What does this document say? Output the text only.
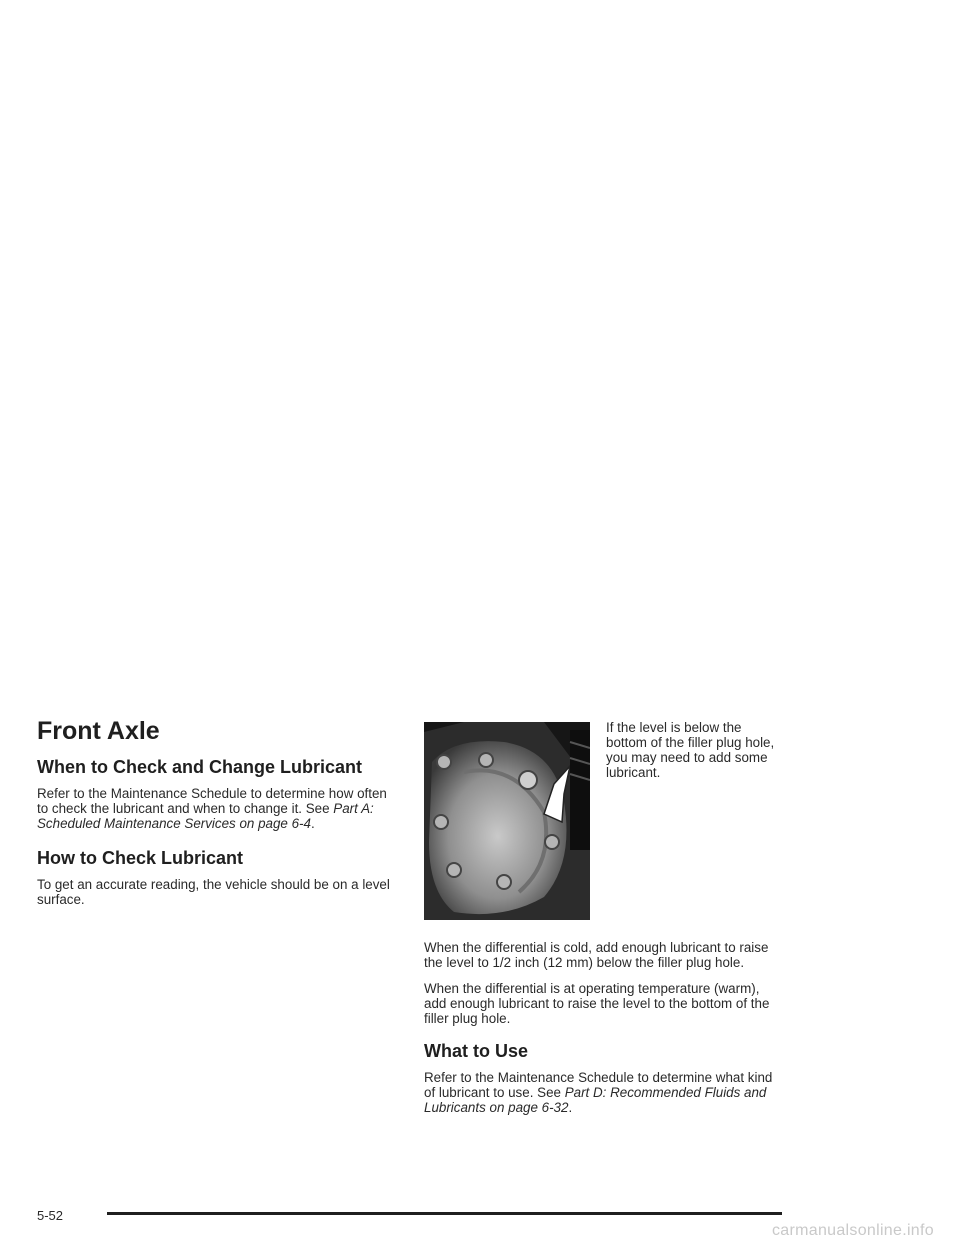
Front Axle
When to Check and Change Lubricant

Refer to the Maintenance Schedule to determine how often to check the lubricant and when to change it. See Part A: Scheduled Maintenance Services on page 6-4.

How to Check Lubricant

To get an accurate reading, the vehicle should be on a level surface.

If the level is below the bottom of the filler plug hole, you may need to add some lubricant.

When the differential is cold, add enough lubricant to raise the level to 1/2 inch (12 mm) below the filler plug hole.

When the differential is at operating temperature (warm), add enough lubricant to raise the level to the bottom of the filler plug hole.

What to Use

Refer to the Maintenance Schedule to determine what kind of lubricant to use. See Part D: Recommended Fluids and Lubricants on page 6-32.

5-52
carmanualsonline.info
